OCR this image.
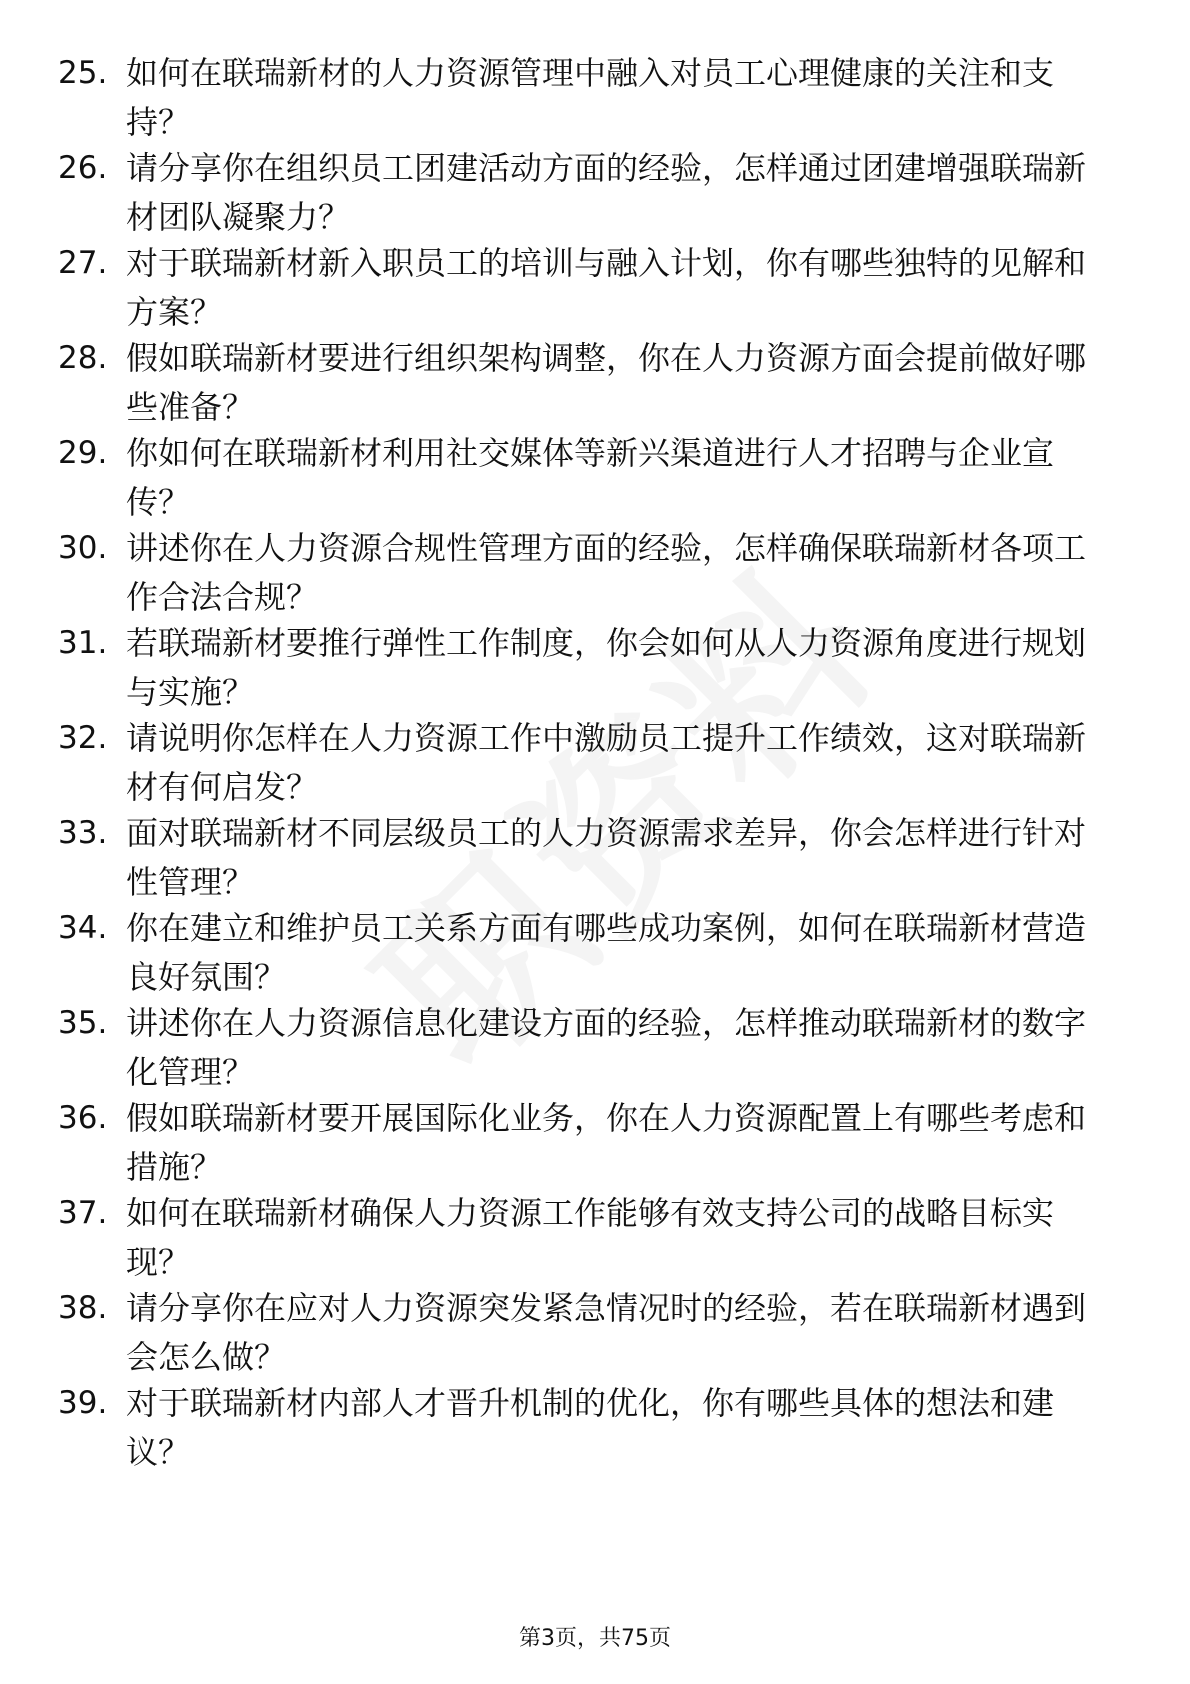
25. 如何在联瑞新材的人力资源管理中融入对员工心理健康的关注和支持？
26. 请分享你在组织员工团建活动方面的经验，怎样通过团建增强联瑞新材团队凝聚力？
27. 对于联瑞新材新入职员工的培训与融入计划，你有哪些独特的见解和方案？
28. 假如联瑞新材要进行组织架构调整，你在人力资源方面会提前做好哪些准备？
29. 你如何在联瑞新材利用社交媒体等新兴渠道进行人才招聘与企业宣传？
30. 讲述你在人力资源合规性管理方面的经验，怎样确保联瑞新材各项工作合法合规？
31. 若联瑞新材要推行弹性工作制度，你会如何从人力资源角度进行规划与实施？
32. 请说明你怎样在人力资源工作中激励员工提升工作绩效，这对联瑞新材有何启发？
33. 面对联瑞新材不同层级员工的人力资源需求差异，你会怎样进行针对性管理？
34. 你在建立和维护员工关系方面有哪些成功案例，如何在联瑞新材营造良好氛围？
35. 讲述你在人力资源信息化建设方面的经验，怎样推动联瑞新材的数字化管理？
36. 假如联瑞新材要开展国际化业务，你在人力资源配置上有哪些考虑和措施？
37. 如何在联瑞新材确保人力资源工作能够有效支持公司的战略目标实现？
38. 请分享你在应对人力资源突发紧急情况时的经验，若在联瑞新材遇到会怎么做？
39. 对于联瑞新材内部人才晋升机制的优化，你有哪些具体的想法和建议？
第3页，共75页
